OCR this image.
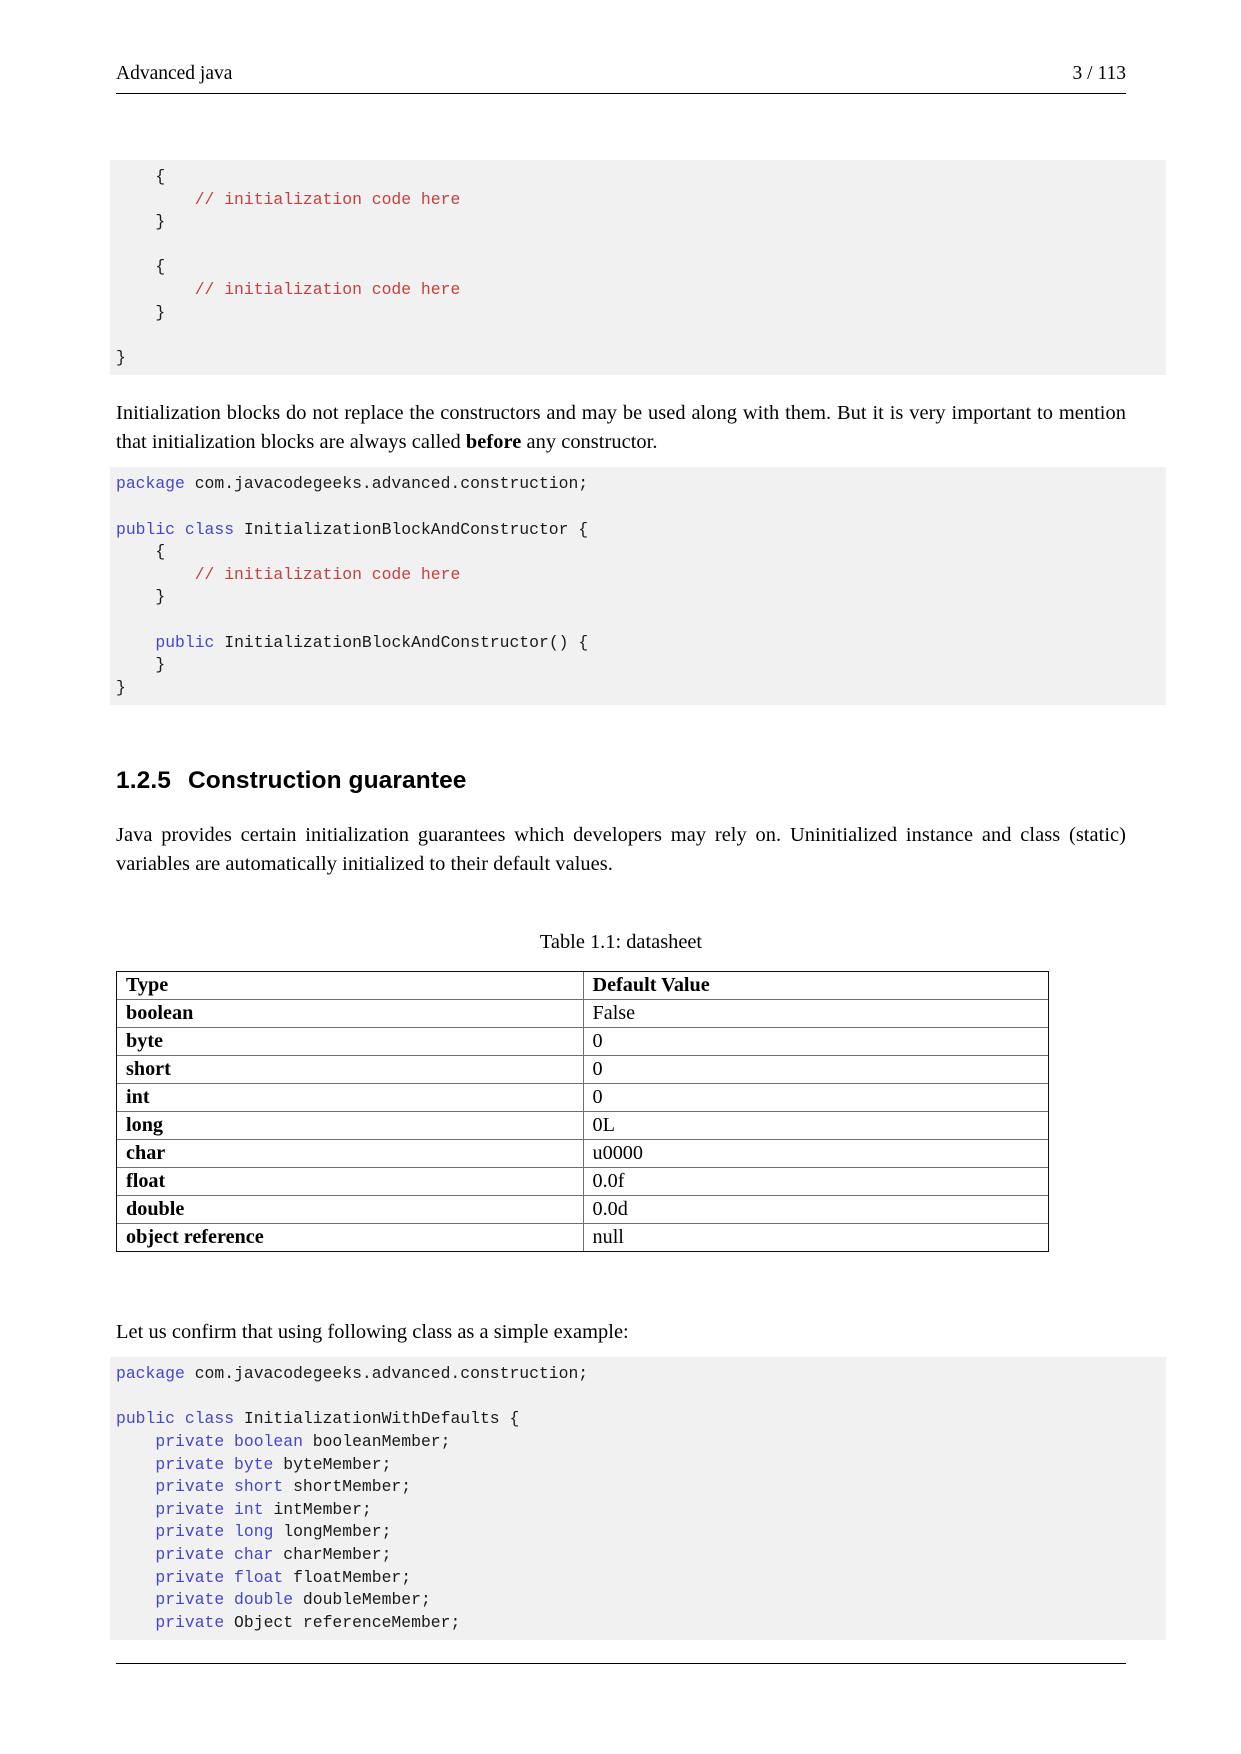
Advanced java	3 / 113
{
// initialization code here
}

{
// initialization code here
}

}

Initialization blocks do not replace the constructors and may be used along with them. But it is very important to mention that initialization blocks are always called before any constructor.

package com.javacodegeeks.advanced.construction;

public class InitializationBlockAndConstructor {
{
// initialization code here
}

public InitializationBlockAndConstructor() {
}
}
1.2.5 Construction guarantee

Java provides certain initialization guarantees which developers may rely on. Uninitialized instance and class (static) variables are automatically initialized to their default values.

Table 1.1: datasheet

Type	Default Value
boolean	False
byte	0
short	0
int	0
long	0L
char	u0000
float	0.0f
double	0.0d
object reference	null

Let us confirm that using following class as a simple example:

package com.javacodegeeks.advanced.construction;

public class InitializationWithDefaults {
private boolean booleanMember;
private byte byteMember;
private short shortMember;
private int intMember;
private long longMember;
private char charMember;
private float floatMember;
private double doubleMember;
private Object referenceMember;
